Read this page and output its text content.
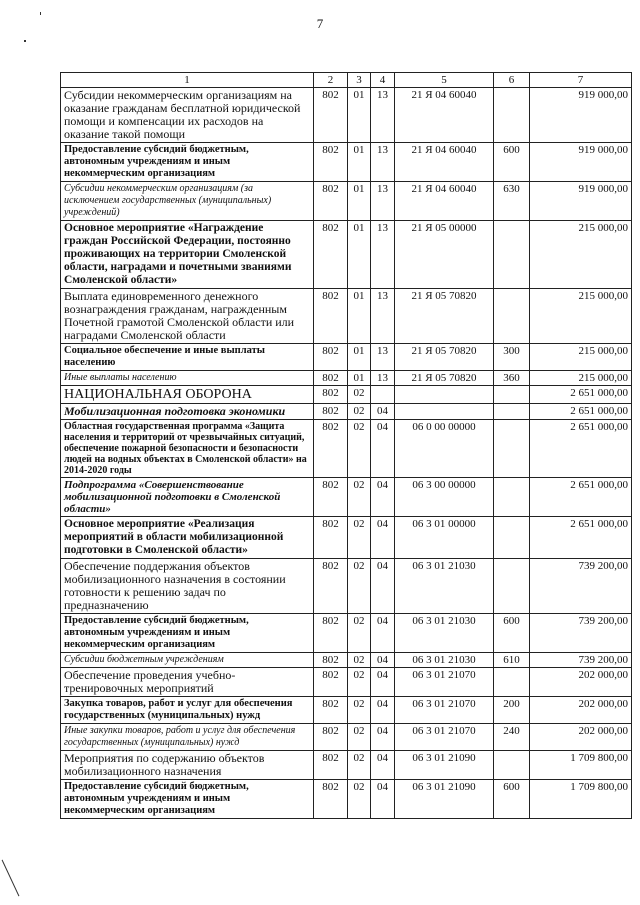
7
1	2	3	4	5	6	7
Субсидии некоммерческим организациям на оказание гражданам бесплатной юридической помощи и компенсации их расходов на оказание такой помощи	802	01	13	21 Я 04 60040		919 000,00
Предоставление субсидий бюджетным, автономным учреждениям и иным некоммерческим организациям	802	01	13	21 Я 04 60040	600	919 000,00
Субсидии некоммерческим организациям (за исключением государственных (муниципальных) учреждений)	802	01	13	21 Я 04 60040	630	919 000,00
Основное мероприятие «Награждение граждан Российской Федерации, постоянно проживающих на территории Смоленской области, наградами и почетными званиями Смоленской области»	802	01	13	21 Я 05 00000		215 000,00
Выплата единовременного денежного вознаграждения гражданам, награжденным Почетной грамотой Смоленской области или наградами Смоленской области	802	01	13	21 Я 05 70820		215 000,00
Социальное обеспечение и иные выплаты населению	802	01	13	21 Я 05 70820	300	215 000,00
Иные выплаты населению	802	01	13	21 Я 05 70820	360	215 000,00
НАЦИОНАЛЬНАЯ ОБОРОНА	802	02				2 651 000,00
Мобилизационная подготовка экономики	802	02	04			2 651 000,00
Областная государственная программа «Защита населения и территорий от чрезвычайных ситуаций, обеспечение пожарной безопасности и безопасности людей на водных объектах в Смоленской области» на 2014-2020 годы	802	02	04	06 0 00 00000		2 651 000,00
Подпрограмма «Совершенствование мобилизационной подготовки в Смоленской области»	802	02	04	06 3 00 00000		2 651 000,00
Основное мероприятие «Реализация мероприятий в области мобилизационной подготовки в Смоленской области»	802	02	04	06 3 01 00000		2 651 000,00
Обеспечение поддержания объектов мобилизационного назначения в состоянии готовности к решению задач по предназначению	802	02	04	06 3 01 21030		739 200,00
Предоставление субсидий бюджетным, автономным учреждениям и иным некоммерческим организациям	802	02	04	06 3 01 21030	600	739 200,00
Субсидии бюджетным учреждениям	802	02	04	06 3 01 21030	610	739 200,00
Обеспечение проведения учебно-тренировочных мероприятий	802	02	04	06 3 01 21070		202 000,00
Закупка товаров, работ и услуг для обеспечения государственных (муниципальных) нужд	802	02	04	06 3 01 21070	200	202 000,00
Иные закупки товаров, работ и услуг для обеспечения государственных (муниципальных) нужд	802	02	04	06 3 01 21070	240	202 000,00
Мероприятия по содержанию объектов мобилизационного назначения	802	02	04	06 3 01 21090		1 709 800,00
Предоставление субсидий бюджетным, автономным учреждениям и иным некоммерческим организациям	802	02	04	06 3 01 21090	600	1 709 800,00
